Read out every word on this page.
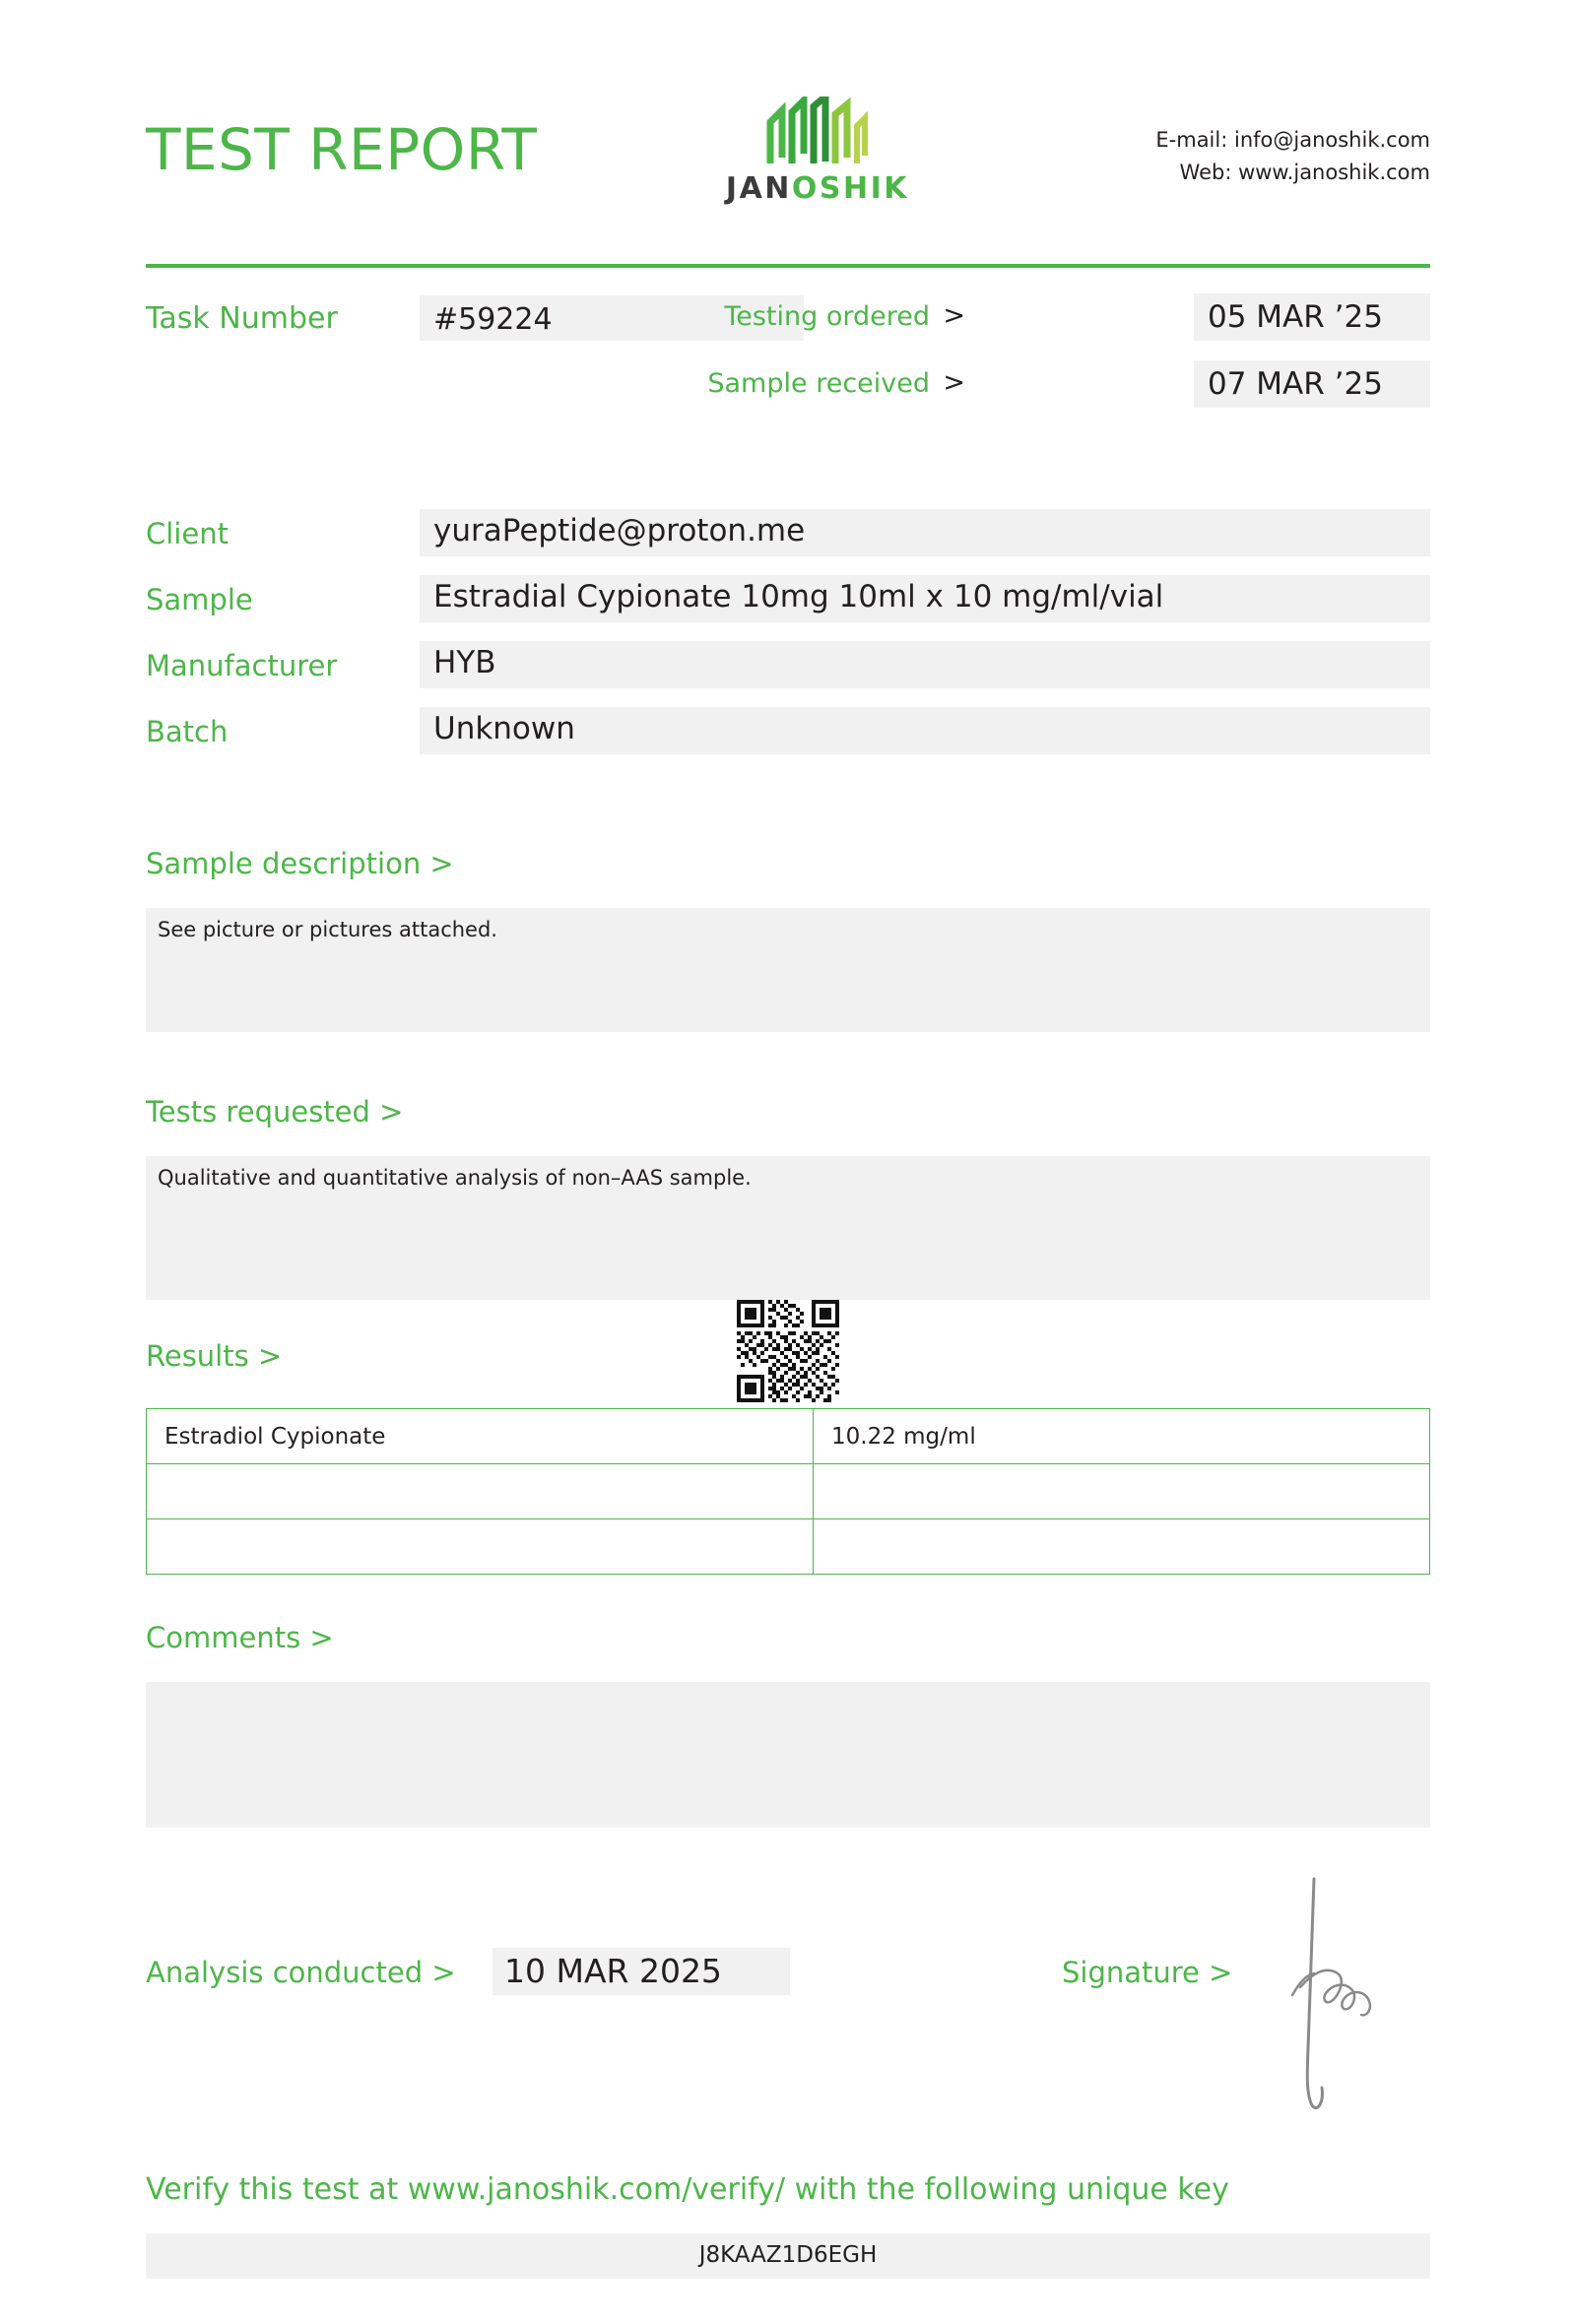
TEST REPORT
JANOSHIK
E-mail: info@janoshik.com
Web: www.janoshik.com
Task Number	#59224	Testing ordered >	05 MAR ’25
Sample received >	07 MAR ’25
Client	yuraPeptide@proton.me
Sample	Estradial Cypionate 10mg 10ml x 10 mg/ml/vial
Manufacturer	HYB
Batch	Unknown
Sample description >
See picture or pictures attached.
Tests requested >
Qualitative and quantitative analysis of non–AAS sample.
Results >
Estradiol Cypionate	10.22 mg/ml

Comments >
Analysis conducted > 10 MAR 2025	Signature >
Verify this test at www.janoshik.com/verify/ with the following unique key
J8KAAZ1D6EGH
